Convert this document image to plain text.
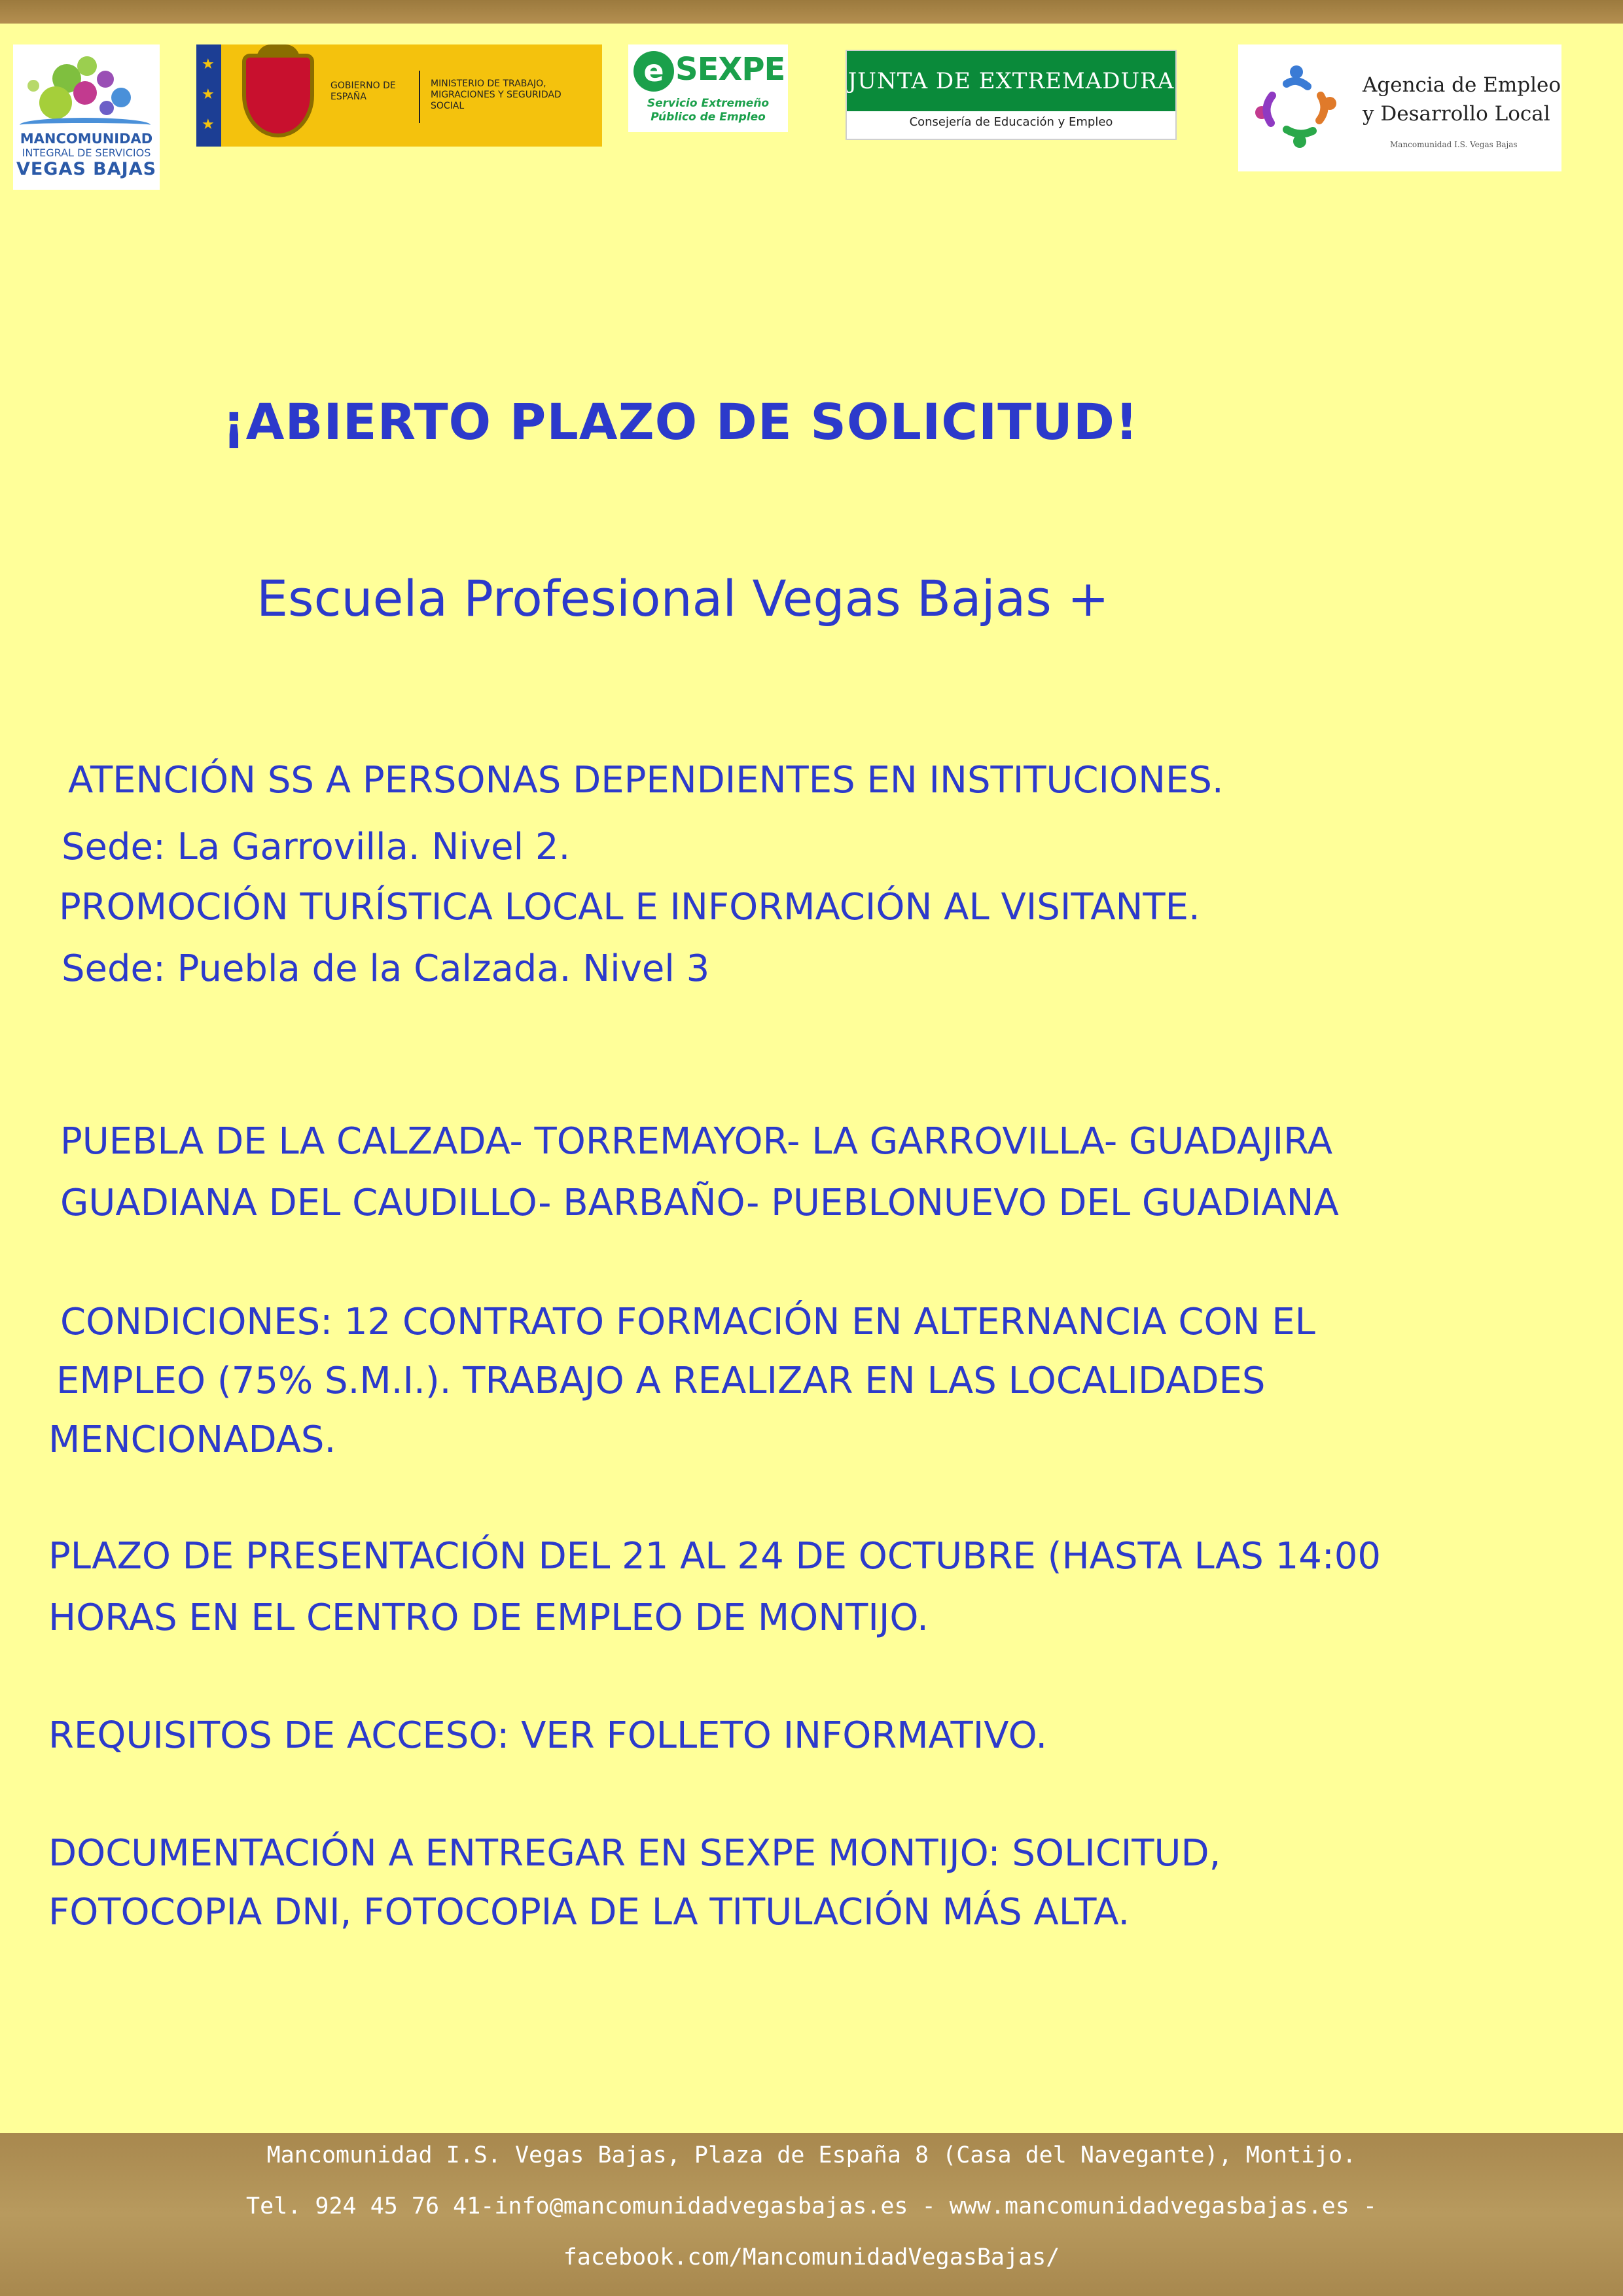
MANCOMUNIDAD
INTEGRAL DE SERVICIOS
VEGAS BAJAS
★
★
★
GOBIERNO DE ESPAÑA
MINISTERIO DE TRABAJO, MIGRACIONES Y SEGURIDAD SOCIAL
e SEXPE
Servicio Extremeño Público de Empleo
JUNTA DE EXTREMADURA
Consejería de Educación y Empleo
Agencia de Empleo
y Desarrollo Local
Mancomunidad I.S. Vegas Bajas
¡ABIERTO PLAZO DE SOLICITUD!
Escuela Profesional Vegas Bajas +

ATENCIÓN SS A PERSONAS DEPENDIENTES EN INSTITUCIONES.

Sede: La Garrovilla. Nivel 2.

PROMOCIÓN TURÍSTICA LOCAL E INFORMACIÓN AL VISITANTE.

Sede: Puebla de la Calzada. Nivel 3

PUEBLA DE LA CALZADA- TORREMAYOR- LA GARROVILLA- GUADAJIRA

GUADIANA DEL CAUDILLO- BARBAÑO- PUEBLONUEVO DEL GUADIANA

CONDICIONES: 12 CONTRATO FORMACIÓN EN ALTERNANCIA CON EL

EMPLEO (75% S.M.I.). TRABAJO A REALIZAR EN LAS LOCALIDADES

MENCIONADAS.

PLAZO DE PRESENTACIÓN DEL 21 AL 24 DE OCTUBRE (HASTA LAS 14:00

HORAS EN EL CENTRO DE EMPLEO DE MONTIJO.

REQUISITOS DE ACCESO: VER FOLLETO INFORMATIVO.

DOCUMENTACIÓN A ENTREGAR EN SEXPE MONTIJO: SOLICITUD,

FOTOCOPIA DNI, FOTOCOPIA DE LA TITULACIÓN MÁS ALTA.

Mancomunidad I.S. Vegas Bajas, Plaza de España 8 (Casa del Navegante), Montijo.
Tel. 924 45 76 41-info@mancomunidadvegasbajas.es - www.mancomunidadvegasbajas.es -
facebook.com/MancomunidadVegasBajas/
